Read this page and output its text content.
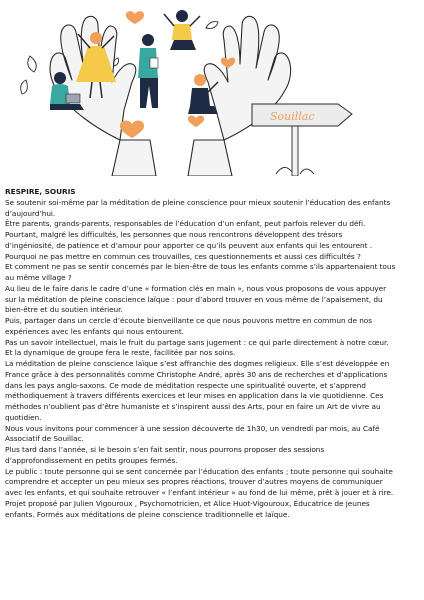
Souillac

RESPIRE, SOURIS

Se soutenir soi-même par la méditation de pleine conscience pour mieux soutenir l’éducation des enfants
d’aujourd’hui.
Être parents, grands-parents, responsables de l’éducation d’un enfant, peut parfois relever du défi.
Pourtant, malgré les difficultés, les personnes que nous rencontrons développent des trésors
d’ingéniosité, de patience et d’amour pour apporter ce qu’ils peuvent aux enfants qui les entourent .
Pourquoi ne pas mettre en commun ces trouvailles, ces questionnements et aussi ces difficultés ?
Et comment ne pas se sentir concernés par le bien-être de tous les enfants comme s’ils appartenaient tous
au même village ?
Au lieu de le faire dans le cadre d’une « formation clés en main », nous vous proposons de vous appuyer
sur la méditation de pleine conscience laïque : pour d’abord trouver en vous même de l’apaisement, du
bien-être et du soutien intérieur.
Puis, partager dans un cercle d’écoute bienveillante ce que nous pouvons mettre en commun de nos
expériences avec les enfants qui nous entourent.
Pas un savoir intellectuel, mais le fruit du partage sans jugement : ce qui parle directement à notre cœur.
Et la dynamique de groupe fera le reste, facilitée par nos soins.
La méditation de pleine conscience laïque s’est affranchie des dogmes religieux. Elle s’est développée en
France grâce à des personnalités comme Christophe André, après 30 ans de recherches et d’applications
dans les pays anglo-saxons. Ce mode de méditation respecte une spiritualité ouverte, et s’apprend
méthodiquement à travers différents exercices et leur mises en application dans la vie quotidienne. Ces
méthodes n’oublient pas d’être humaniste et s’inspirent aussi des Arts, pour en faire un Art de vivre au
quotidien.
Nous vous invitons pour commencer à une session découverte de 1h30, un vendredi par mois, au Café
Associatif de Souillac.
Plus tard dans l’année, si le besoin s’en fait sentir, nous pourrons proposer des sessions
d’approfondissement en petits groupes fermés.
Le public : toute personne qui se sent concernée par l’éducation des enfants ; toute personne qui souhaite
comprendre et accepter un peu mieux ses propres réactions, trouver d’autres moyens de communiquer
avec les enfants, et qui souhaite retrouver « l’enfant intérieur » au fond de lui même, prêt à jouer et à rire.
Projet proposé par Julien Vigouroux , Psychomotricien, et Alice Huot-Vigouroux, Éducatrice de jeunes
enfants. Formés aux méditations de pleine conscience traditionnelle et laïque.
